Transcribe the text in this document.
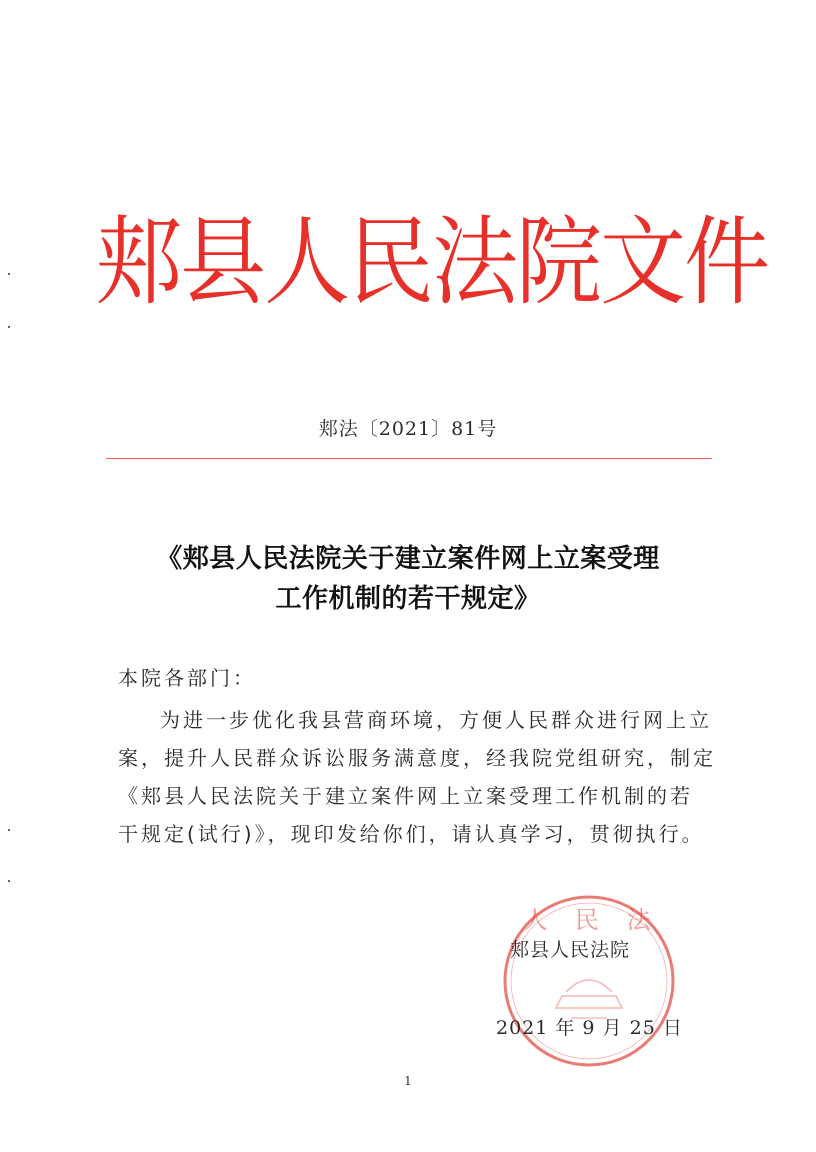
郏县人民法院文件
郏法〔2021〕81号
《郏县人民法院关于建立案件网上立案受理
工作机制的若干规定》
本院各部门：
为进一步优化我县营商环境，方便人民群众进行网上立
案，提升人民群众诉讼服务满意度，经我院党组研究，制定
《郏县人民法院关于建立案件网上立案受理工作机制的若
干规定(试行)》，现印发给你们，请认真学习，贯彻执行。
人 民 法
郏县人民法院
2021 年 9 月 25 日
1
